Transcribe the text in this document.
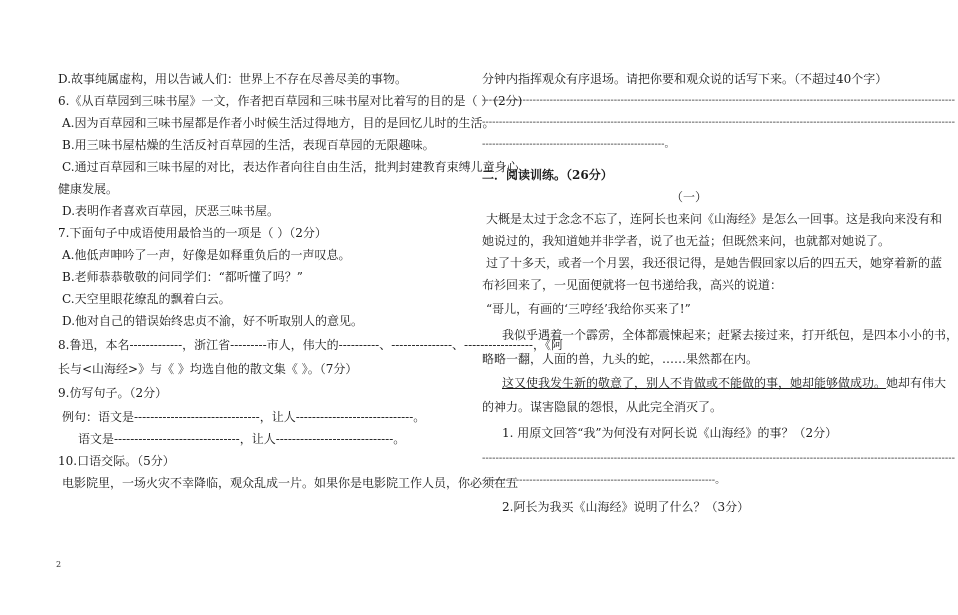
D.故事纯属虚构，用以告诫人们：世界上不存在尽善尽美的事物。
6.《从百草园到三味书屋》一文，作者把百草园和三味书屋对比着写的目的是（ ）(2分)
A.因为百草园和三味书屋都是作者小时候生活过得地方，目的是回忆儿时的生活。
B.用三味书屋枯燥的生活反衬百草园的生活，表现百草园的无限趣味。
C.通过百草园和三味书屋的对比，表达作者向往自由生活，批判封建教育束缚儿童身心
健康发展。
D.表明作者喜欢百草园，厌恶三味书屋。
7.下面句子中成语使用最恰当的一项是（ ）（2分）
A.他低声呻吟了一声，好像是如释重负后的一声叹息。
B.老师恭恭敬敬的问同学们：“都听懂了吗？”
C.天空里眼花缭乱的飘着白云。
D.他对自己的错误始终忠贞不渝，好不听取别人的意见。
8.鲁迅，本名-------------，浙江省---------市人，伟大的----------、---------------、-----------------，《阿
长与<山海经>》与《 》均选自他的散文集《 》。（7分）
9.仿写句子。（2分）
例句：语文是-------------------------------，让人-----------------------------。
语文是-------------------------------，让人-----------------------------。
10.口语交际。（5分）
电影院里，一场火灾不幸降临，观众乱成一片。如果你是电影院工作人员，你必须在五
分钟内指挥观众有序退场。请把你要和观众说的话写下来。（不超过40个字）
--------------------------------------------------------------------------------------------------------------------------------------------
--------------------------------------------------------------------------------------------------------------------------------------------
------------------------------------------------------。
二．阅读训练。（26分）
（一）
大概是太过于念念不忘了，连阿长也来问《山海经》是怎么一回事。这是我向来没有和
她说过的，我知道她并非学者，说了也无益；但既然来问，也就都对她说了。
过了十多天，或者一个月罢，我还很记得，是她告假回家以后的四五天，她穿着新的蓝
布衫回来了，一见面便就将一包书递给我，高兴的说道：
“哥儿，有画的‘三哼经’我给你买来了!”
我似乎遇着一个霹雳，全体都震悚起来；赶紧去接过来，打开纸包，是四本小小的书，
略略一翻，人面的兽，九头的蛇，……果然都在内。
这又使我发生新的敬意了，别人不肯做或不能做的事，她却能够做成功。她却有伟大
的神力。谋害隐鼠的怨恨，从此完全消灭了。
1. 用原文回答“我”为何没有对阿长说《山海经》的事？（2分）
--------------------------------------------------------------------------------------------------------------------------------------------
---------------------------------------------------------------------。
2.阿长为我买《山海经》说明了什么？（3分）
2
